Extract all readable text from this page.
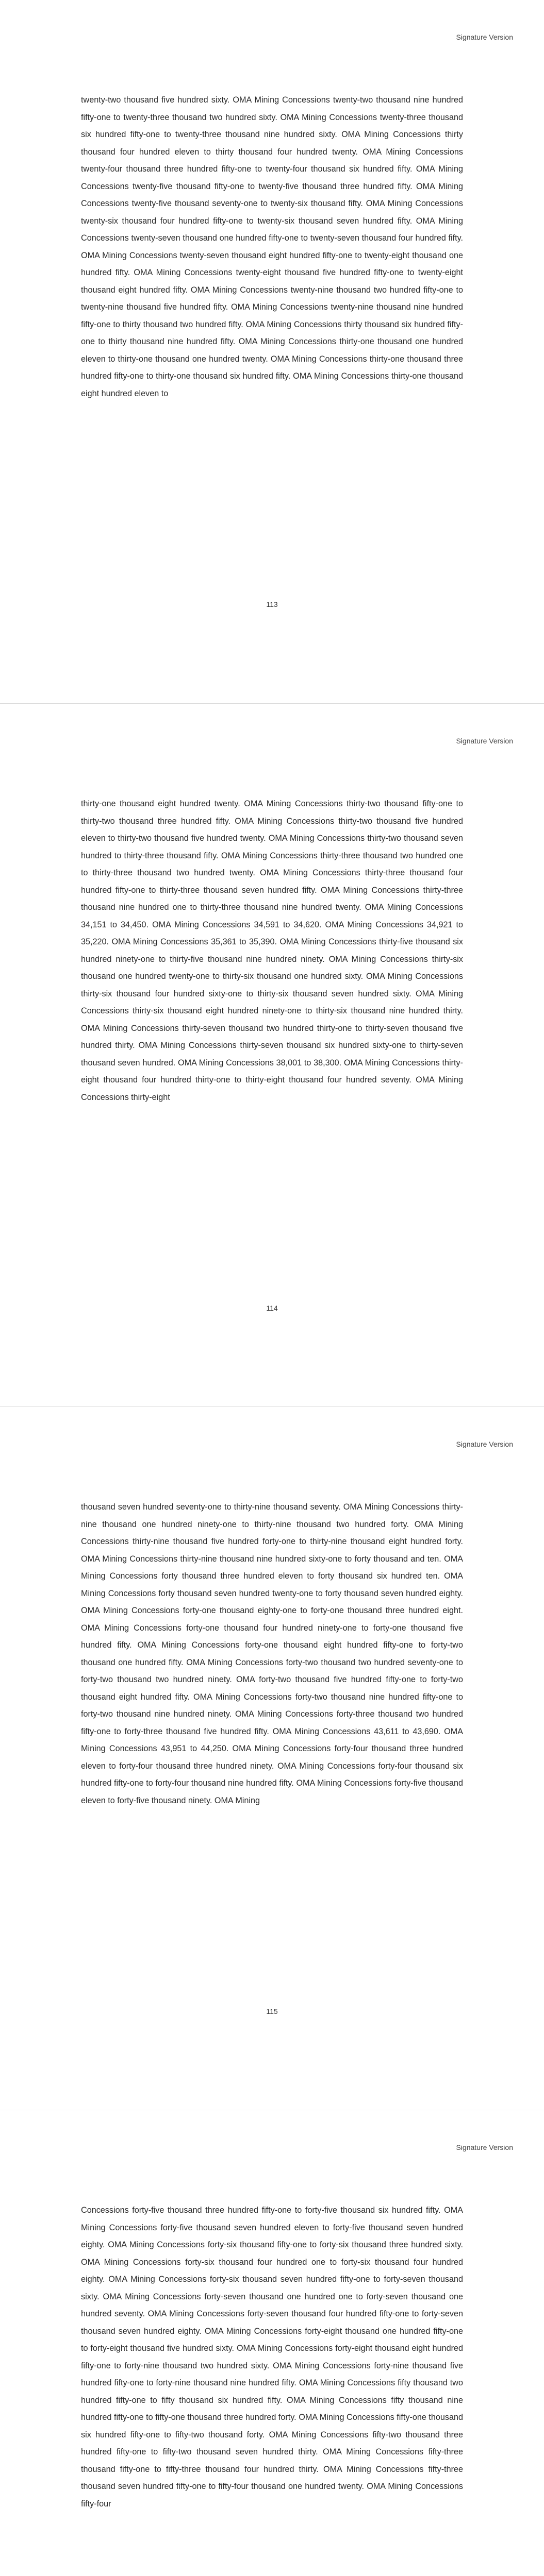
Signature Version
twenty-two thousand five hundred sixty. OMA Mining Concessions twenty-two thousand nine hundred fifty-one to twenty-three thousand two hundred sixty. OMA Mining Concessions twenty-three thousand six hundred fifty-one to twenty-three thousand nine hundred sixty. OMA Mining Concessions thirty thousand four hundred eleven to thirty thousand four hundred twenty. OMA Mining Concessions twenty-four thousand three hundred fifty-one to twenty-four thousand six hundred fifty. OMA Mining Concessions twenty-five thousand fifty-one to twenty-five thousand three hundred fifty. OMA Mining Concessions twenty-five thousand seventy-one to twenty-six thousand fifty. OMA Mining Concessions twenty-six thousand four hundred fifty-one to twenty-six thousand seven hundred fifty. OMA Mining Concessions twenty-seven thousand one hundred fifty-one to twenty-seven thousand four hundred fifty. OMA Mining Concessions twenty-seven thousand eight hundred fifty-one to twenty-eight thousand one hundred fifty. OMA Mining Concessions twenty-eight thousand five hundred fifty-one to twenty-eight thousand eight hundred fifty. OMA Mining Concessions twenty-nine thousand two hundred fifty-one to twenty-nine thousand five hundred fifty. OMA Mining Concessions twenty-nine thousand nine hundred fifty-one to thirty thousand two hundred fifty. OMA Mining Concessions thirty thousand six hundred fifty-one to thirty thousand nine hundred fifty. OMA Mining Concessions thirty-one thousand one hundred eleven to thirty-one thousand one hundred twenty. OMA Mining Concessions thirty-one thousand three hundred fifty-one to thirty-one thousand six hundred fifty. OMA Mining Concessions thirty-one thousand eight hundred eleven to
113
Signature Version
thirty-one thousand eight hundred twenty. OMA Mining Concessions thirty-two thousand fifty-one to thirty-two thousand three hundred fifty. OMA Mining Concessions thirty-two thousand five hundred eleven to thirty-two thousand five hundred twenty. OMA Mining Concessions thirty-two thousand seven hundred to thirty-three thousand fifty. OMA Mining Concessions thirty-three thousand two hundred one to thirty-three thousand two hundred twenty. OMA Mining Concessions thirty-three thousand four hundred fifty-one to thirty-three thousand seven hundred fifty. OMA Mining Concessions thirty-three thousand nine hundred one to thirty-three thousand nine hundred twenty. OMA Mining Concessions 34,151 to 34,450. OMA Mining Concessions 34,591 to 34,620. OMA Mining Concessions 34,921 to 35,220. OMA Mining Concessions 35,361 to 35,390. OMA Mining Concessions thirty-five thousand six hundred ninety-one to thirty-five thousand nine hundred ninety. OMA Mining Concessions thirty-six thousand one hundred twenty-one to thirty-six thousand one hundred sixty. OMA Mining Concessions thirty-six thousand four hundred sixty-one to thirty-six thousand seven hundred sixty. OMA Mining Concessions thirty-six thousand eight hundred ninety-one to thirty-six thousand nine hundred thirty. OMA Mining Concessions thirty-seven thousand two hundred thirty-one to thirty-seven thousand five hundred thirty. OMA Mining Concessions thirty-seven thousand six hundred sixty-one to thirty-seven thousand seven hundred. OMA Mining Concessions 38,001 to 38,300. OMA Mining Concessions thirty-eight thousand four hundred thirty-one to thirty-eight thousand four hundred seventy. OMA Mining Concessions thirty-eight
114
Signature Version
thousand seven hundred seventy-one to thirty-nine thousand seventy. OMA Mining Concessions thirty-nine thousand one hundred ninety-one to thirty-nine thousand two hundred forty. OMA Mining Concessions thirty-nine thousand five hundred forty-one to thirty-nine thousand eight hundred forty. OMA Mining Concessions thirty-nine thousand nine hundred sixty-one to forty thousand and ten. OMA Mining Concessions forty thousand three hundred eleven to forty thousand six hundred ten. OMA Mining Concessions forty thousand seven hundred twenty-one to forty thousand seven hundred eighty. OMA Mining Concessions forty-one thousand eighty-one to forty-one thousand three hundred eight. OMA Mining Concessions forty-one thousand four hundred ninety-one to forty-one thousand five hundred fifty. OMA Mining Concessions forty-one thousand eight hundred fifty-one to forty-two thousand one hundred fifty. OMA Mining Concessions forty-two thousand two hundred seventy-one to forty-two thousand two hundred ninety. OMA forty-two thousand five hundred fifty-one to forty-two thousand eight hundred fifty. OMA Mining Concessions forty-two thousand nine hundred fifty-one to forty-two thousand nine hundred ninety. OMA Mining Concessions forty-three thousand two hundred fifty-one to forty-three thousand five hundred fifty. OMA Mining Concessions 43,611 to 43,690. OMA Mining Concessions 43,951 to 44,250. OMA Mining Concessions forty-four thousand three hundred eleven to forty-four thousand three hundred ninety. OMA Mining Concessions forty-four thousand six hundred fifty-one to forty-four thousand nine hundred fifty. OMA Mining Concessions forty-five thousand eleven to forty-five thousand ninety. OMA Mining
115
Signature Version
Concessions forty-five thousand three hundred fifty-one to forty-five thousand six hundred fifty. OMA Mining Concessions forty-five thousand seven hundred eleven to forty-five thousand seven hundred eighty. OMA Mining Concessions forty-six thousand fifty-one to forty-six thousand three hundred sixty. OMA Mining Concessions forty-six thousand four hundred one to forty-six thousand four hundred eighty. OMA Mining Concessions forty-six thousand seven hundred fifty-one to forty-seven thousand sixty. OMA Mining Concessions forty-seven thousand one hundred one to forty-seven thousand one hundred seventy. OMA Mining Concessions forty-seven thousand four hundred fifty-one to forty-seven thousand seven hundred eighty. OMA Mining Concessions forty-eight thousand one hundred fifty-one to forty-eight thousand five hundred sixty. OMA Mining Concessions forty-eight thousand eight hundred fifty-one to forty-nine thousand two hundred sixty. OMA Mining Concessions forty-nine thousand five hundred fifty-one to forty-nine thousand nine hundred fifty. OMA Mining Concessions fifty thousand two hundred fifty-one to fifty thousand six hundred fifty. OMA Mining Concessions fifty thousand nine hundred fifty-one to fifty-one thousand three hundred forty. OMA Mining Concessions fifty-one thousand six hundred fifty-one to fifty-two thousand forty. OMA Mining Concessions fifty-two thousand three hundred fifty-one to fifty-two thousand seven hundred thirty. OMA Mining Concessions fifty-three thousand fifty-one to fifty-three thousand four hundred thirty. OMA Mining Concessions fifty-three thousand seven hundred fifty-one to fifty-four thousand one hundred twenty. OMA Mining Concessions fifty-four
